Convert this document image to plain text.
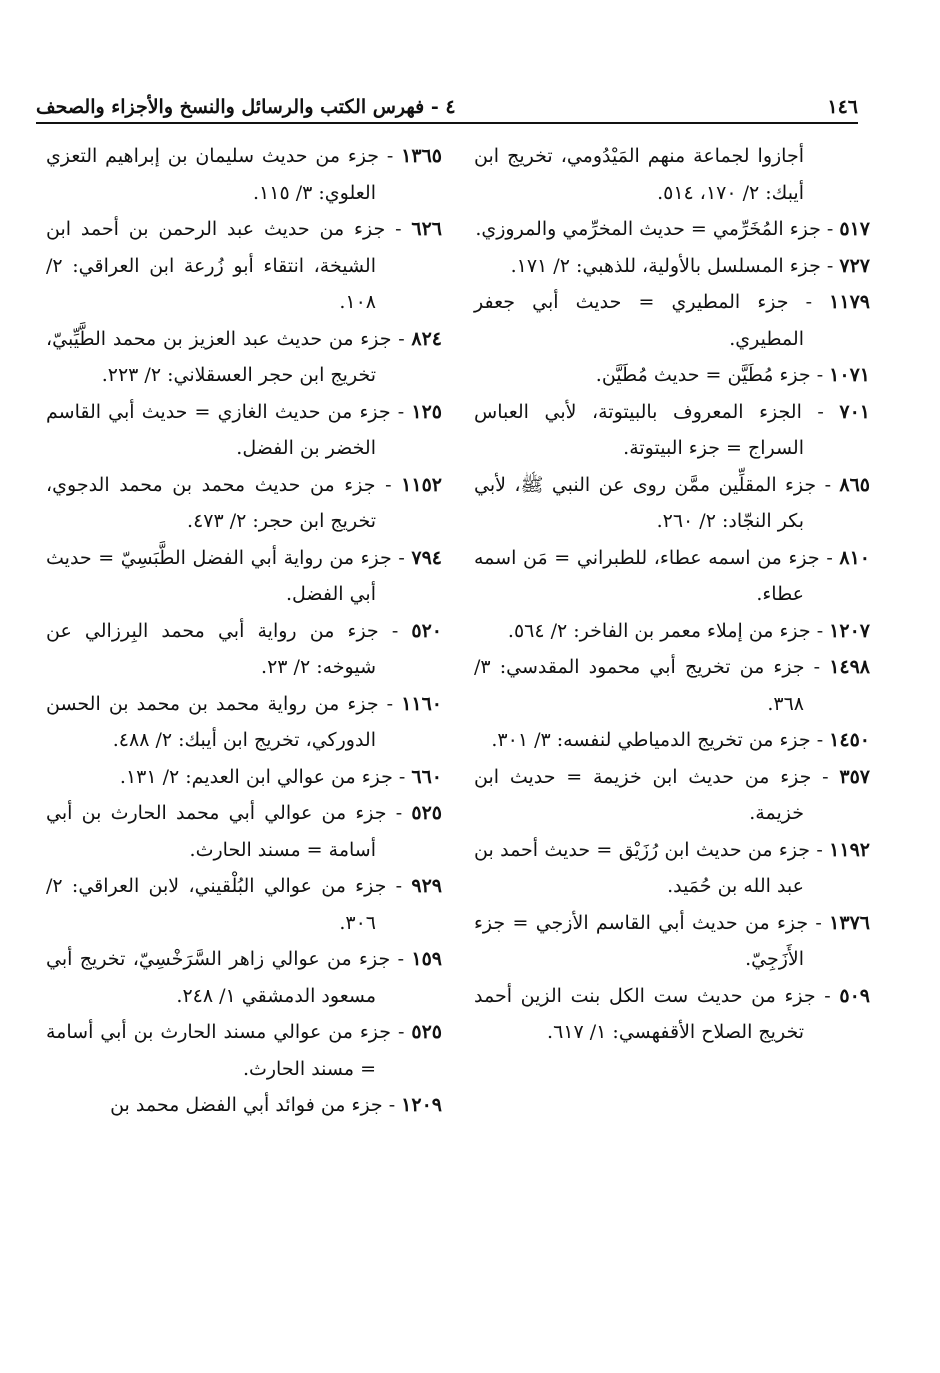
١٤٦
٤ - فهرس الكتب والرسائل والنسخ والأجزاء والصحف
أجازوا لجماعة منهم المَيْدُومي، تخريج ابن أيبك: ٢/ ١٧٠، ٥١٤.
٥١٧ - جزء المُخَرِّمي = حديث المخرِّمي والمروزي.
٧٢٧ - جزء المسلسل بالأولية، للذهبي: ٢/ ١٧١.
١١٧٩ - جزء المطيري = حديث أبي جعفر المطيري.
١٠٧١ - جزء مُطَيَّن = حديث مُطَيَّن.
٧٠١ - الجزء المعروف بالبيتوتة، لأبي العباس السراج = جزء البيتوتة.
٨٦٥ - جزء المقلِّين ممَّن روى عن النبي ﷺ، لأبي بكر النجّاد: ٢/ ٢٦٠.
٨١٠ - جزء من اسمه عطاء، للطبراني = مَن اسمه عطاء.
١٢٠٧ - جزء من إملاء معمر بن الفاخر: ٢/ ٥٦٤.
١٤٩٨ - جزء من تخريج أبي محمود المقدسي: ٣/ ٣٦٨.
١٤٥٠ - جزء من تخريج الدمياطي لنفسه: ٣/ ٣٠١.
٣٥٧ - جزء من حديث ابن خزيمة = حديث ابن خزيمة.
١١٩٢ - جزء من حديث ابن رُزَيْق = حديث أحمد بن عبد الله بن حُمَيد.
١٣٧٦ - جزء من حديث أبي القاسم الأزجي = جزء الأَزَجِيّ.
٥٠٩ - جزء من حديث ست الكل بنت الزين أحمد تخريج الصلاح الأقفهسي: ١/ ٦١٧.
١٣٦٥ - جزء من حديث سليمان بن إبراهيم التعزي العلوي: ٣/ ١١٥.
٦٢٦ - جزء من حديث عبد الرحمن بن أحمد ابن الشيخة، انتقاء أبو زُرعة ابن العراقي: ٢/ ١٠٨.
٨٢٤ - جزء من حديث عبد العزيز بن محمد الطَّيِّبيّ، تخريج ابن حجر العسقلاني: ٢/ ٢٢٣.
١٢٥ - جزء من حديث الغازي = حديث أبي القاسم الخضر بن الفضل.
١١٥٢ - جزء من حديث محمد بن محمد الدجوي، تخريج ابن حجر: ٢/ ٤٧٣.
٧٩٤ - جزء من رواية أبي الفضل الطَّبَسِيّ = حديث أبي الفضل.
٥٢٠ - جزء من رواية أبي محمد البِرزالي عن شيوخه: ٢/ ٢٣.
١١٦٠ - جزء من رواية محمد بن محمد بن الحسن الدوركي، تخريج ابن أيبك: ٢/ ٤٨٨.
٦٦٠ - جزء من عوالي ابن العديم: ٢/ ١٣١.
٥٢٥ - جزء من عوالي أبي محمد الحارث بن أبي أسامة = مسند الحارث.
٩٢٩ - جزء من عوالي البُلْقيني، لابن العراقي: ٢/ ٣٠٦.
١٥٩ - جزء من عوالي زاهر السَّرَخْسِيّ، تخريج أبي مسعود الدمشقي ١/ ٢٤٨.
٥٢٥ - جزء من عوالي مسند الحارث بن أبي أسامة = مسند الحارث.
١٢٠٩ - جزء من فوائد أبي الفضل محمد بن
